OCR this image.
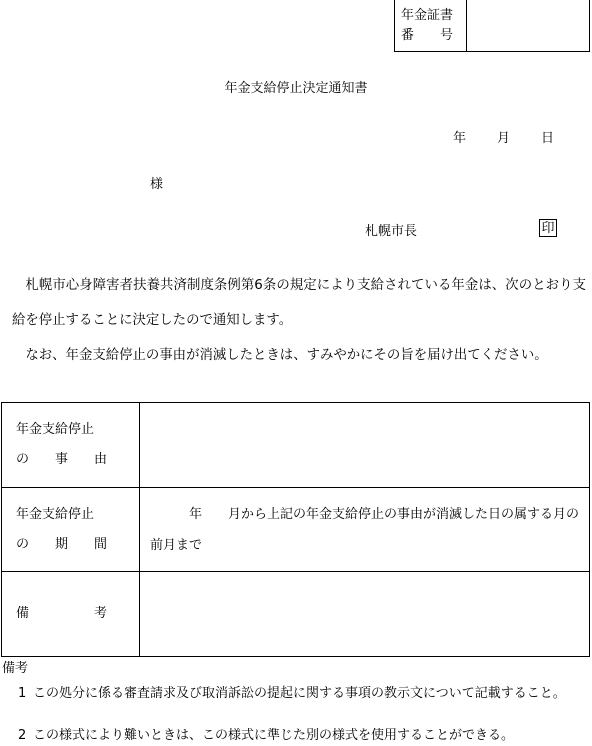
年金証書
番　　号
年金支給停止決定通知書
年 月 日
様
札幌市長	印

札幌市心身障害者扶養共済制度条例第6条の規定により支給されている年金は、次のとおり支給を停止することに決定したので通知します。

なお、年金支給停止の事由が消滅したときは、すみやかにその旨を届け出てください。

年金支給停止
の　　事　　由	

年金支給停止
の　　期　　間	　　　年　　月から上記の年金支給停止の事由が消滅した日の属する月の前月まで

備　　　　　考	

備考
1 この処分に係る審査請求及び取消訴訟の提起に関する事項の教示文について記載すること。
2 この様式により難いときは、この様式に準じた別の様式を使用することができる。
